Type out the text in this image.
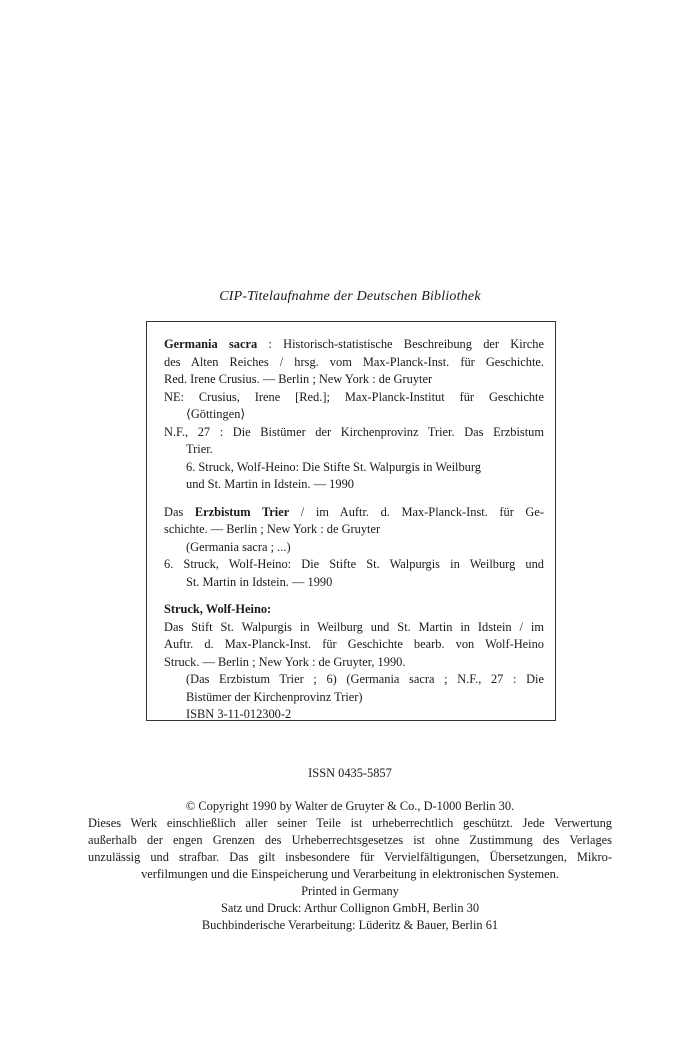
CIP-Titelaufnahme der Deutschen Bibliothek
Germania sacra : Historisch-statistische Beschreibung der Kirche
des Alten Reiches / hrsg. vom Max-Planck-Inst. für Geschichte.
Red. Irene Crusius. — Berlin ; New York : de Gruyter
NE: Crusius, Irene [Red.]; Max-Planck-Institut für Geschichte
⟨Göttingen⟩
N.F., 27 : Die Bistümer der Kirchenprovinz Trier. Das Erzbistum
Trier.
6. Struck, Wolf-Heino: Die Stifte St. Walpurgis in Weilburg
und St. Martin in Idstein. — 1990
Das Erzbistum Trier / im Auftr. d. Max-Planck-Inst. für Ge-
schichte. — Berlin ; New York : de Gruyter
(Germania sacra ; ...)
6. Struck, Wolf-Heino: Die Stifte St. Walpurgis in Weilburg und
St. Martin in Idstein. — 1990
Struck, Wolf-Heino:
Das Stift St. Walpurgis in Weilburg und St. Martin in Idstein / im
Auftr. d. Max-Planck-Inst. für Geschichte bearb. von Wolf-Heino
Struck. — Berlin ; New York : de Gruyter, 1990.
(Das Erzbistum Trier ; 6) (Germania sacra ; N.F., 27 : Die
Bistümer der Kirchenprovinz Trier)
ISBN 3-11-012300-2
ISSN 0435-5857
© Copyright 1990 by Walter de Gruyter & Co., D-1000 Berlin 30.
Dieses Werk einschließlich aller seiner Teile ist urheberrechtlich geschützt. Jede Verwertung
außerhalb der engen Grenzen des Urheberrechtsgesetzes ist ohne Zustimmung des Verlages
unzulässig und strafbar. Das gilt insbesondere für Vervielfältigungen, Übersetzungen, Mikro-
verfilmungen und die Einspeicherung und Verarbeitung in elektronischen Systemen.
Printed in Germany
Satz und Druck: Arthur Collignon GmbH, Berlin 30
Buchbinderische Verarbeitung: Lüderitz & Bauer, Berlin 61
